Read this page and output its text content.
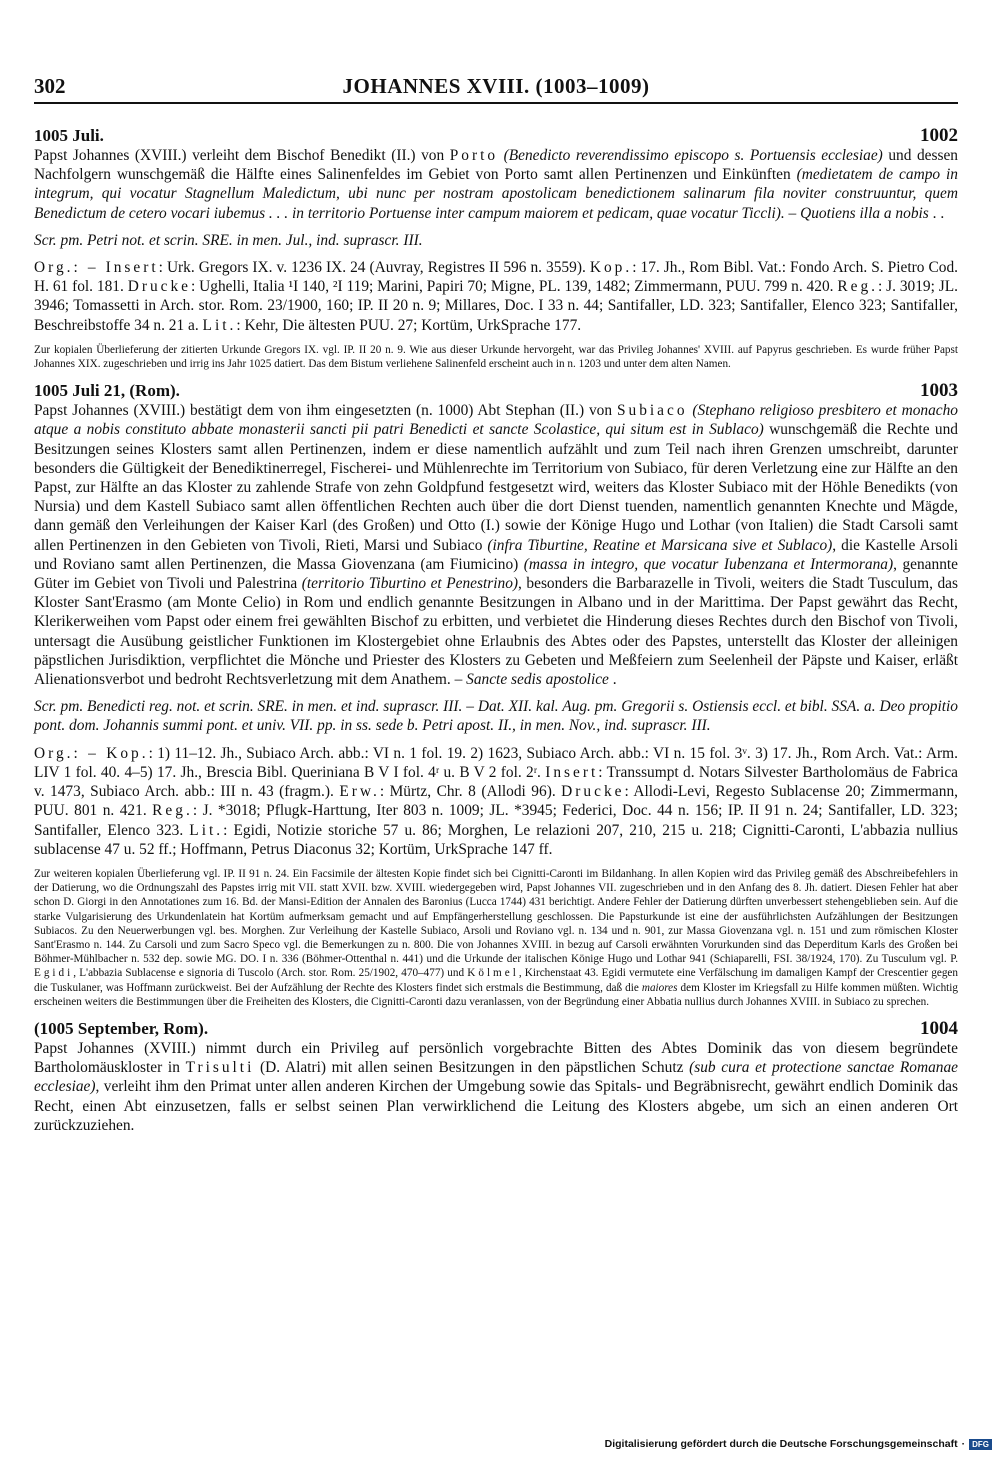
302	JOHANNES XVIII. (1003–1009)
1005 Juli.	1002

Papst Johannes (XVIII.) verleiht dem Bischof Benedikt (II.) von Porto (Benedicto reverendissimo episcopo s. Portuensis ecclesiae) und dessen Nachfolgern wunschgemäß die Hälfte eines Salinenfeldes im Gebiet von Porto samt allen Pertinenzen und Einkünften (medietatem de campo in integrum, qui vocatur Stagnellum Maledictum, ubi nunc per nostram apostolicam benedictionem salinarum fila noviter construuntur, quem Benedictum de cetero vocari iubemus . . . in territorio Portuense inter campum maiorem et pedicam, quae vocatur Ticcli). – Quotiens illa a nobis . .

Scr. pm. Petri not. et scrin. SRE. in men. Jul., ind. suprascr. III.

Org.: – Insert: Urk. Gregors IX. v. 1236 IX. 24 (Auvray, Registres II 596 n. 3559). Kop.: 17. Jh., Rom Bibl. Vat.: Fondo Arch. S. Pietro Cod. H. 61 fol. 181. Drucke: Ughelli, Italia ¹I 140, ²I 119; Marini, Papiri 70; Migne, PL. 139, 1482; Zimmermann, PUU. 799 n. 420. Reg.: J. 3019; JL. 3946; Tomassetti in Arch. stor. Rom. 23/1900, 160; IP. II 20 n. 9; Millares, Doc. I 33 n. 44; Santifaller, LD. 323; Santifaller, Elenco 323; Santifaller, Beschreibstoffe 34 n. 21 a. Lit.: Kehr, Die ältesten PUU. 27; Kortüm, UrkSprache 177.

Zur kopialen Überlieferung der zitierten Urkunde Gregors IX. vgl. IP. II 20 n. 9. Wie aus dieser Urkunde hervorgeht, war das Privileg Johannes' XVIII. auf Papyrus geschrieben. Es wurde früher Papst Johannes XIX. zugeschrieben und irrig ins Jahr 1025 datiert. Das dem Bistum verliehene Salinenfeld erscheint auch in n. 1203 und unter dem alten Namen.

1005 Juli 21, (Rom).	1003

Papst Johannes (XVIII.) bestätigt dem von ihm eingesetzten (n. 1000) Abt Stephan (II.) von Subiaco (Stephano religioso presbitero et monacho atque a nobis constituto abbate monasterii sancti pii patri Benedicti et sancte Scolastice, qui situm est in Sublaco) wunschgemäß die Rechte und Besitzungen seines Klosters samt allen Pertinenzen, indem er diese namentlich aufzählt und zum Teil nach ihren Grenzen umschreibt, darunter besonders die Gültigkeit der Benediktinerregel, Fischerei- und Mühlenrechte im Territorium von Subiaco, für deren Verletzung eine zur Hälfte an den Papst, zur Hälfte an das Kloster zu zahlende Strafe von zehn Goldpfund festgesetzt wird, weiters das Kloster Subiaco mit der Höhle Benedikts (von Nursia) und dem Kastell Subiaco samt allen öffentlichen Rechten auch über die dort Dienst tuenden, namentlich genannten Knechte und Mägde, dann gemäß den Verleihungen der Kaiser Karl (des Großen) und Otto (I.) sowie der Könige Hugo und Lothar (von Italien) die Stadt Carsoli samt allen Pertinenzen in den Gebieten von Tivoli, Rieti, Marsi und Subiaco (infra Tiburtine, Reatine et Marsicana sive et Sublaco), die Kastelle Arsoli und Roviano samt allen Pertinenzen, die Massa Giovenzana (am Fiumicino) (massa in integro, que vocatur Iubenzana et Intermorana), genannte Güter im Gebiet von Tivoli und Palestrina (territorio Tiburtino et Penestrino), besonders die Barbarazelle in Tivoli, weiters die Stadt Tusculum, das Kloster Sant'Erasmo (am Monte Celio) in Rom und endlich genannte Besitzungen in Albano und in der Marittima. Der Papst gewährt das Recht, Klerikerweihen vom Papst oder einem frei gewählten Bischof zu erbitten, und verbietet die Hinderung dieses Rechtes durch den Bischof von Tivoli, untersagt die Ausübung geistlicher Funktionen im Klostergebiet ohne Erlaubnis des Abtes oder des Papstes, unterstellt das Kloster der alleinigen päpstlichen Jurisdiktion, verpflichtet die Mönche und Priester des Klosters zu Gebeten und Meßfeiern zum Seelenheil der Päpste und Kaiser, erläßt Alienationsverbot und bedroht Rechtsverletzung mit dem Anathem. – Sancte sedis apostolice .

Scr. pm. Benedicti reg. not. et scrin. SRE. in men. et ind. suprascr. III. – Dat. XII. kal. Aug. pm. Gregorii s. Ostiensis eccl. et bibl. SSA. a. Deo propitio pont. dom. Johannis summi pont. et univ. VII. pp. in ss. sede b. Petri apost. II., in men. Nov., ind. suprascr. III.

Org.: – Kop.: 1) 11–12. Jh., Subiaco Arch. abb.: VI n. 1 fol. 19. 2) 1623, Subiaco Arch. abb.: VI n. 15 fol. 3ᵛ. 3) 17. Jh., Rom Arch. Vat.: Arm. LIV 1 fol. 40. 4–5) 17. Jh., Brescia Bibl. Queriniana B V I fol. 4ʳ u. B V 2 fol. 2ʳ. Insert: Transsumpt d. Notars Silvester Bartholomäus de Fabrica v. 1473, Subiaco Arch. abb.: III n. 43 (fragm.). Erw.: Mürtz, Chr. 8 (Allodi 96). Drucke: Allodi-Levi, Regesto Sublacense 20; Zimmermann, PUU. 801 n. 421. Reg.: J. *3018; Pflugk-Harttung, Iter 803 n. 1009; JL. *3945; Federici, Doc. 44 n. 156; IP. II 91 n. 24; Santifaller, LD. 323; Santifaller, Elenco 323. Lit.: Egidi, Notizie storiche 57 u. 86; Morghen, Le relazioni 207, 210, 215 u. 218; Cignitti-Caronti, L'abbazia nullius sublacense 47 u. 52 ff.; Hoffmann, Petrus Diaconus 32; Kortüm, UrkSprache 147 ff.

Zur weiteren kopialen Überlieferung vgl. IP. II 91 n. 24. Ein Facsimile der ältesten Kopie findet sich bei Cignitti-Caronti im Bildanhang. In allen Kopien wird das Privileg gemäß des Abschreibefehlers in der Datierung, wo die Ordnungszahl des Papstes irrig mit VII. statt XVII. bzw. XVIII. wiedergegeben wird, Papst Johannes VII. zugeschrieben und in den Anfang des 8. Jh. datiert. Diesen Fehler hat aber schon D. Giorgi in den Annotationes zum 16. Bd. der Mansi-Edition der Annalen des Baronius (Lucca 1744) 431 berichtigt. Andere Fehler der Datierung dürften unverbessert stehengeblieben sein. Auf die starke Vulgarisierung des Urkundenlatein hat Kortüm aufmerksam gemacht und auf Empfängerherstellung geschlossen. Die Papsturkunde ist eine der ausführlichsten Aufzählungen der Besitzungen Subiacos. Zu den Neuerwerbungen vgl. bes. Morghen. Zur Verleihung der Kastelle Subiaco, Arsoli und Roviano vgl. n. 134 und n. 901, zur Massa Giovenzana vgl. n. 151 und zum römischen Kloster Sant'Erasmo n. 144. Zu Carsoli und zum Sacro Speco vgl. die Bemerkungen zu n. 800. Die von Johannes XVIII. in bezug auf Carsoli erwähnten Vorurkunden sind das Deperditum Karls des Großen bei Böhmer-Mühlbacher n. 532 dep. sowie MG. DO. I n. 336 (Böhmer-Ottenthal n. 441) und die Urkunde der italischen Könige Hugo und Lothar 941 (Schiaparelli, FSI. 38/1924, 170). Zu Tusculum vgl. P. Egidi, L'abbazia Sublacense e signoria di Tuscolo (Arch. stor. Rom. 25/1902, 470–477) und Kölmel, Kirchenstaat 43. Egidi vermutete eine Verfälschung im damaligen Kampf der Crescentier gegen die Tuskulaner, was Hoffmann zurückweist. Bei der Aufzählung der Rechte des Klosters findet sich erstmals die Bestimmung, daß die maiores dem Kloster im Kriegsfall zu Hilfe kommen müßten. Wichtig erscheinen weiters die Bestimmungen über die Freiheiten des Klosters, die Cignitti-Caronti dazu veranlassen, von der Begründung einer Abbatia nullius durch Johannes XVIII. in Subiaco zu sprechen.

(1005 September, Rom).	1004

Papst Johannes (XVIII.) nimmt durch ein Privileg auf persönlich vorgebrachte Bitten des Abtes Dominik das von diesem begründete Bartholomäuskloster in Trisulti (D. Alatri) mit allen seinen Besitzungen in den päpstlichen Schutz (sub cura et protectione sanctae Romanae ecclesiae), verleiht ihm den Primat unter allen anderen Kirchen der Umgebung sowie das Spitals- und Begräbnisrecht, gewährt endlich Dominik das Recht, einen Abt einzusetzen, falls er selbst seinen Plan verwirklichend die Leitung des Klosters abgebe, um sich an einen anderen Ort zurückzuziehen.

Digitalisierung gefördert durch die Deutsche Forschungsgemeinschaft · DFG
